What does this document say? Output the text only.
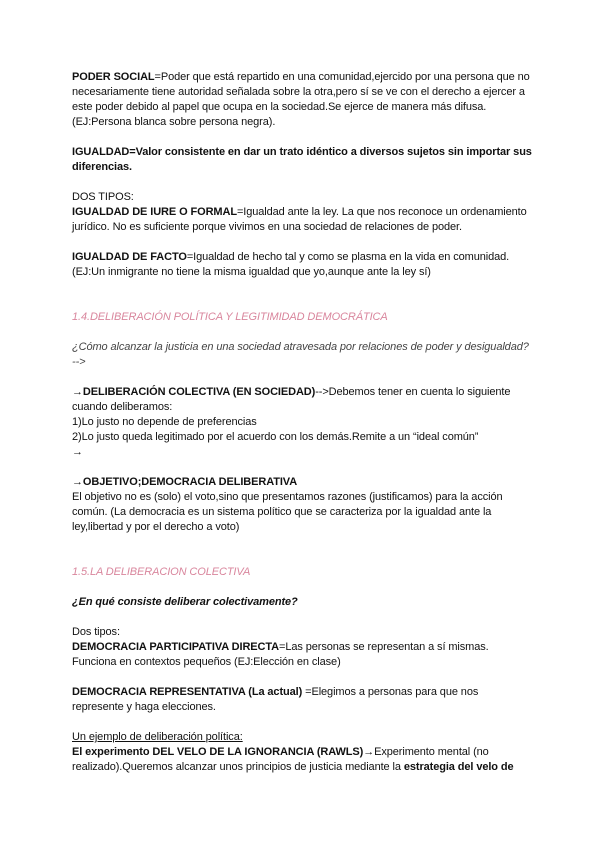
PODER SOCIAL=Poder que está repartido en una comunidad,ejercido por una persona que no necesariamente tiene autoridad señalada sobre la otra,pero sí se ve con el derecho a ejercer a este poder debido al papel que ocupa en la sociedad.Se ejerce de manera más difusa. (EJ:Persona blanca sobre persona negra).

IGUALDAD=Valor consistente en dar un trato idéntico a diversos sujetos sin importar sus diferencias.

DOS TIPOS:

IGUALDAD DE IURE O FORMAL=Igualdad ante la ley. La que nos reconoce un ordenamiento jurídico. No es suficiente porque vivimos en una sociedad de relaciones de poder.

IGUALDAD DE FACTO=Igualdad de hecho tal y como se plasma en la vida en comunidad. (EJ:Un inmigrante no tiene la misma igualdad que yo,aunque ante la ley sí)

1.4.DELIBERACIÓN POLÍTICA Y LEGITIMIDAD DEMOCRÁTICA

¿Cómo alcanzar la justicia en una sociedad atravesada por relaciones de poder y desigualdad?-->

→DELIBERACIÓN COLECTIVA (EN SOCIEDAD)-->Debemos tener en cuenta lo siguiente cuando deliberamos:

1)Lo justo no depende de preferencias

2)Lo justo queda legitimado por el acuerdo con los demás.Remite a un “ideal común”

→

→OBJETIVO;DEMOCRACIA DELIBERATIVA

El objetivo no es (solo) el voto,sino que presentamos razones (justificamos) para la acción común. (La democracia es un sistema político que se caracteriza por la igualdad ante la ley,libertad y por el derecho a voto)

1.5.LA DELIBERACION COLECTIVA

¿En qué consiste deliberar colectivamente?

Dos tipos:

DEMOCRACIA PARTICIPATIVA DIRECTA=Las personas se representan a sí mismas. Funciona en contextos pequeños (EJ:Elección en clase)

DEMOCRACIA REPRESENTATIVA (La actual) =Elegimos a personas para que nos represente y haga elecciones.

Un ejemplo de deliberación política:

El experimento DEL VELO DE LA IGNORANCIA (RAWLS)→Experimento mental (no realizado).Queremos alcanzar unos principios de justicia mediante la estrategia del velo de
